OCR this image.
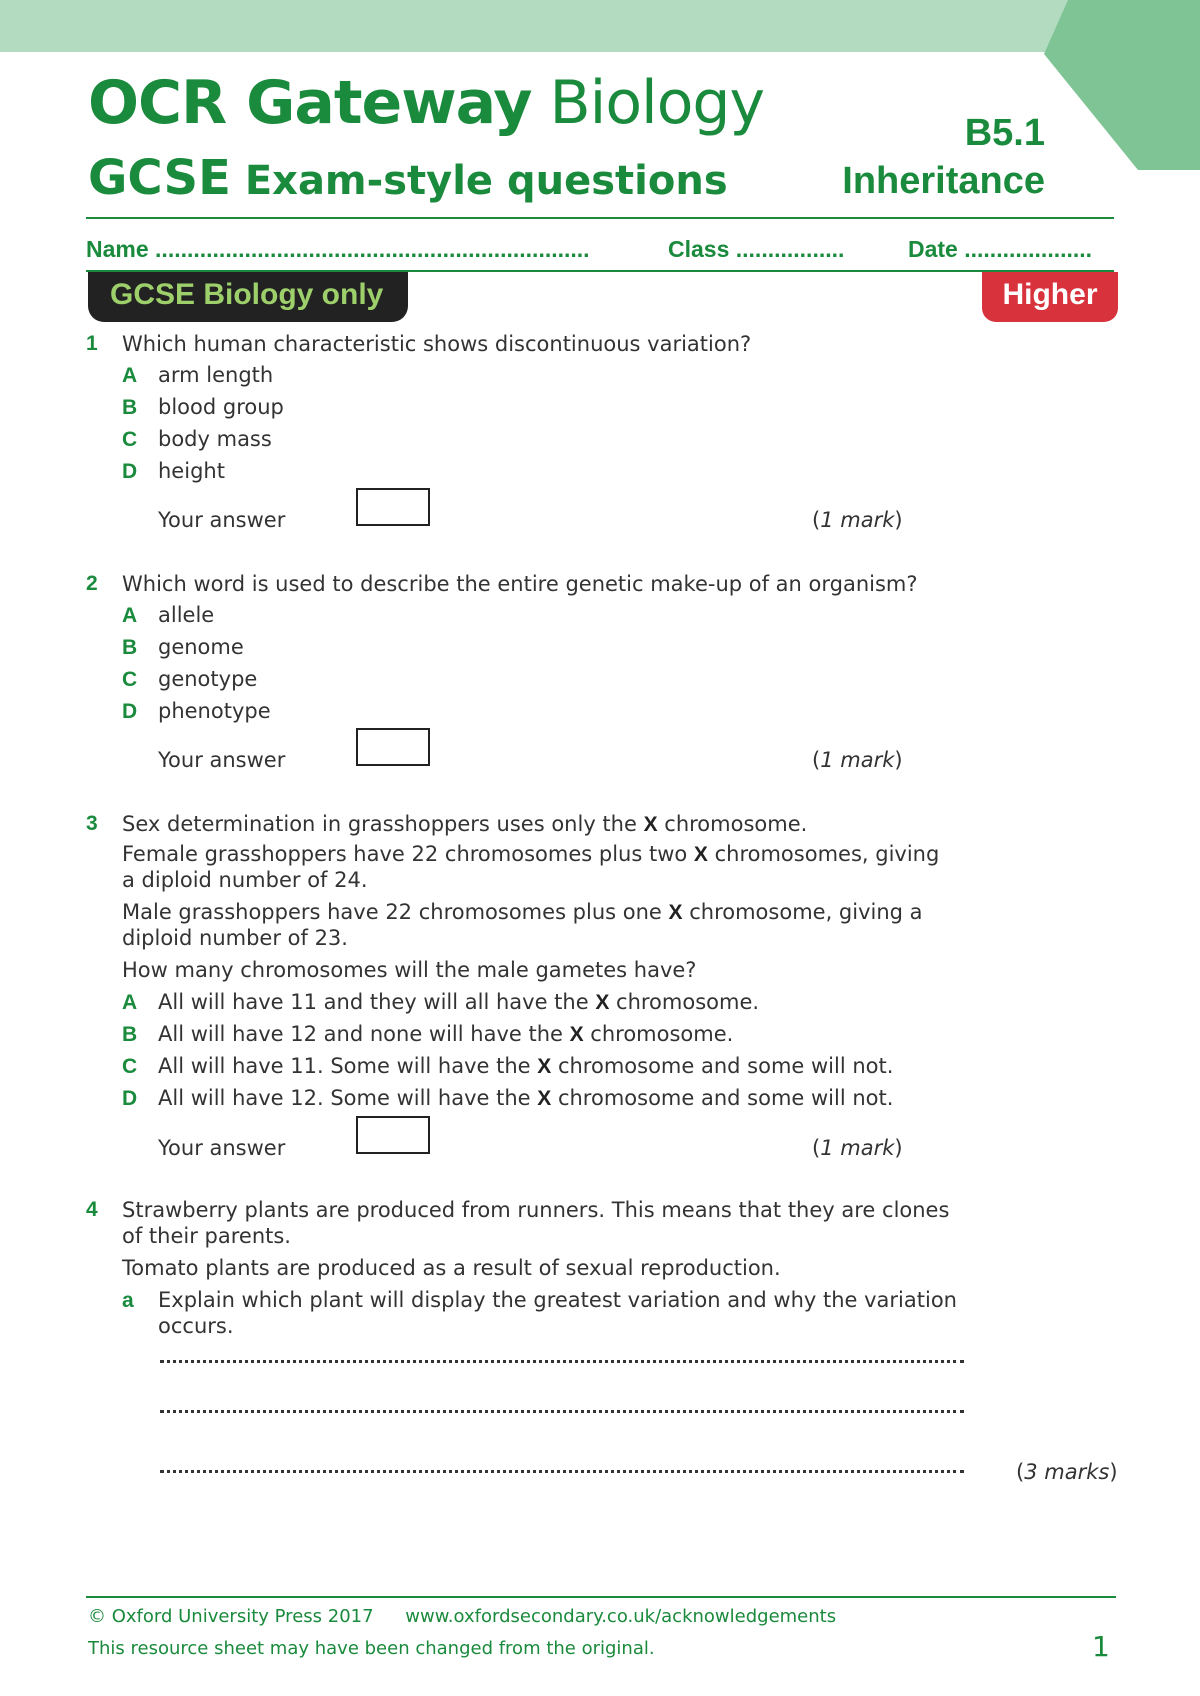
OCR Gateway Biology
GCSE Exam-style questions
B5.1
Inheritance
Name ....................................................................	Class .................	Date ....................
GCSE Biology only	Higher
1 Which human characteristic shows discontinuous variation?
A arm length
B blood group
C body mass
D height
Your answer	(1 mark)
2 Which word is used to describe the entire genetic make-up of an organism?
A allele
B genome
C genotype
D phenotype
Your answer	(1 mark)
3 Sex determination in grasshoppers uses only the X chromosome.
Female grasshoppers have 22 chromosomes plus two X chromosomes, giving
a diploid number of 24.
Male grasshoppers have 22 chromosomes plus one X chromosome, giving a
diploid number of 23.
How many chromosomes will the male gametes have?
A All will have 11 and they will all have the X chromosome.
B All will have 12 and none will have the X chromosome.
C All will have 11. Some will have the X chromosome and some will not.
D All will have 12. Some will have the X chromosome and some will not.
Your answer	(1 mark)
4 Strawberry plants are produced from runners. This means that they are clones
of their parents.
Tomato plants are produced as a result of sexual reproduction.
a Explain which plant will display the greatest variation and why the variation
occurs.
(3 marks)
© Oxford University Press 2017 www.oxfordsecondary.co.uk/acknowledgements
This resource sheet may have been changed from the original.	1
